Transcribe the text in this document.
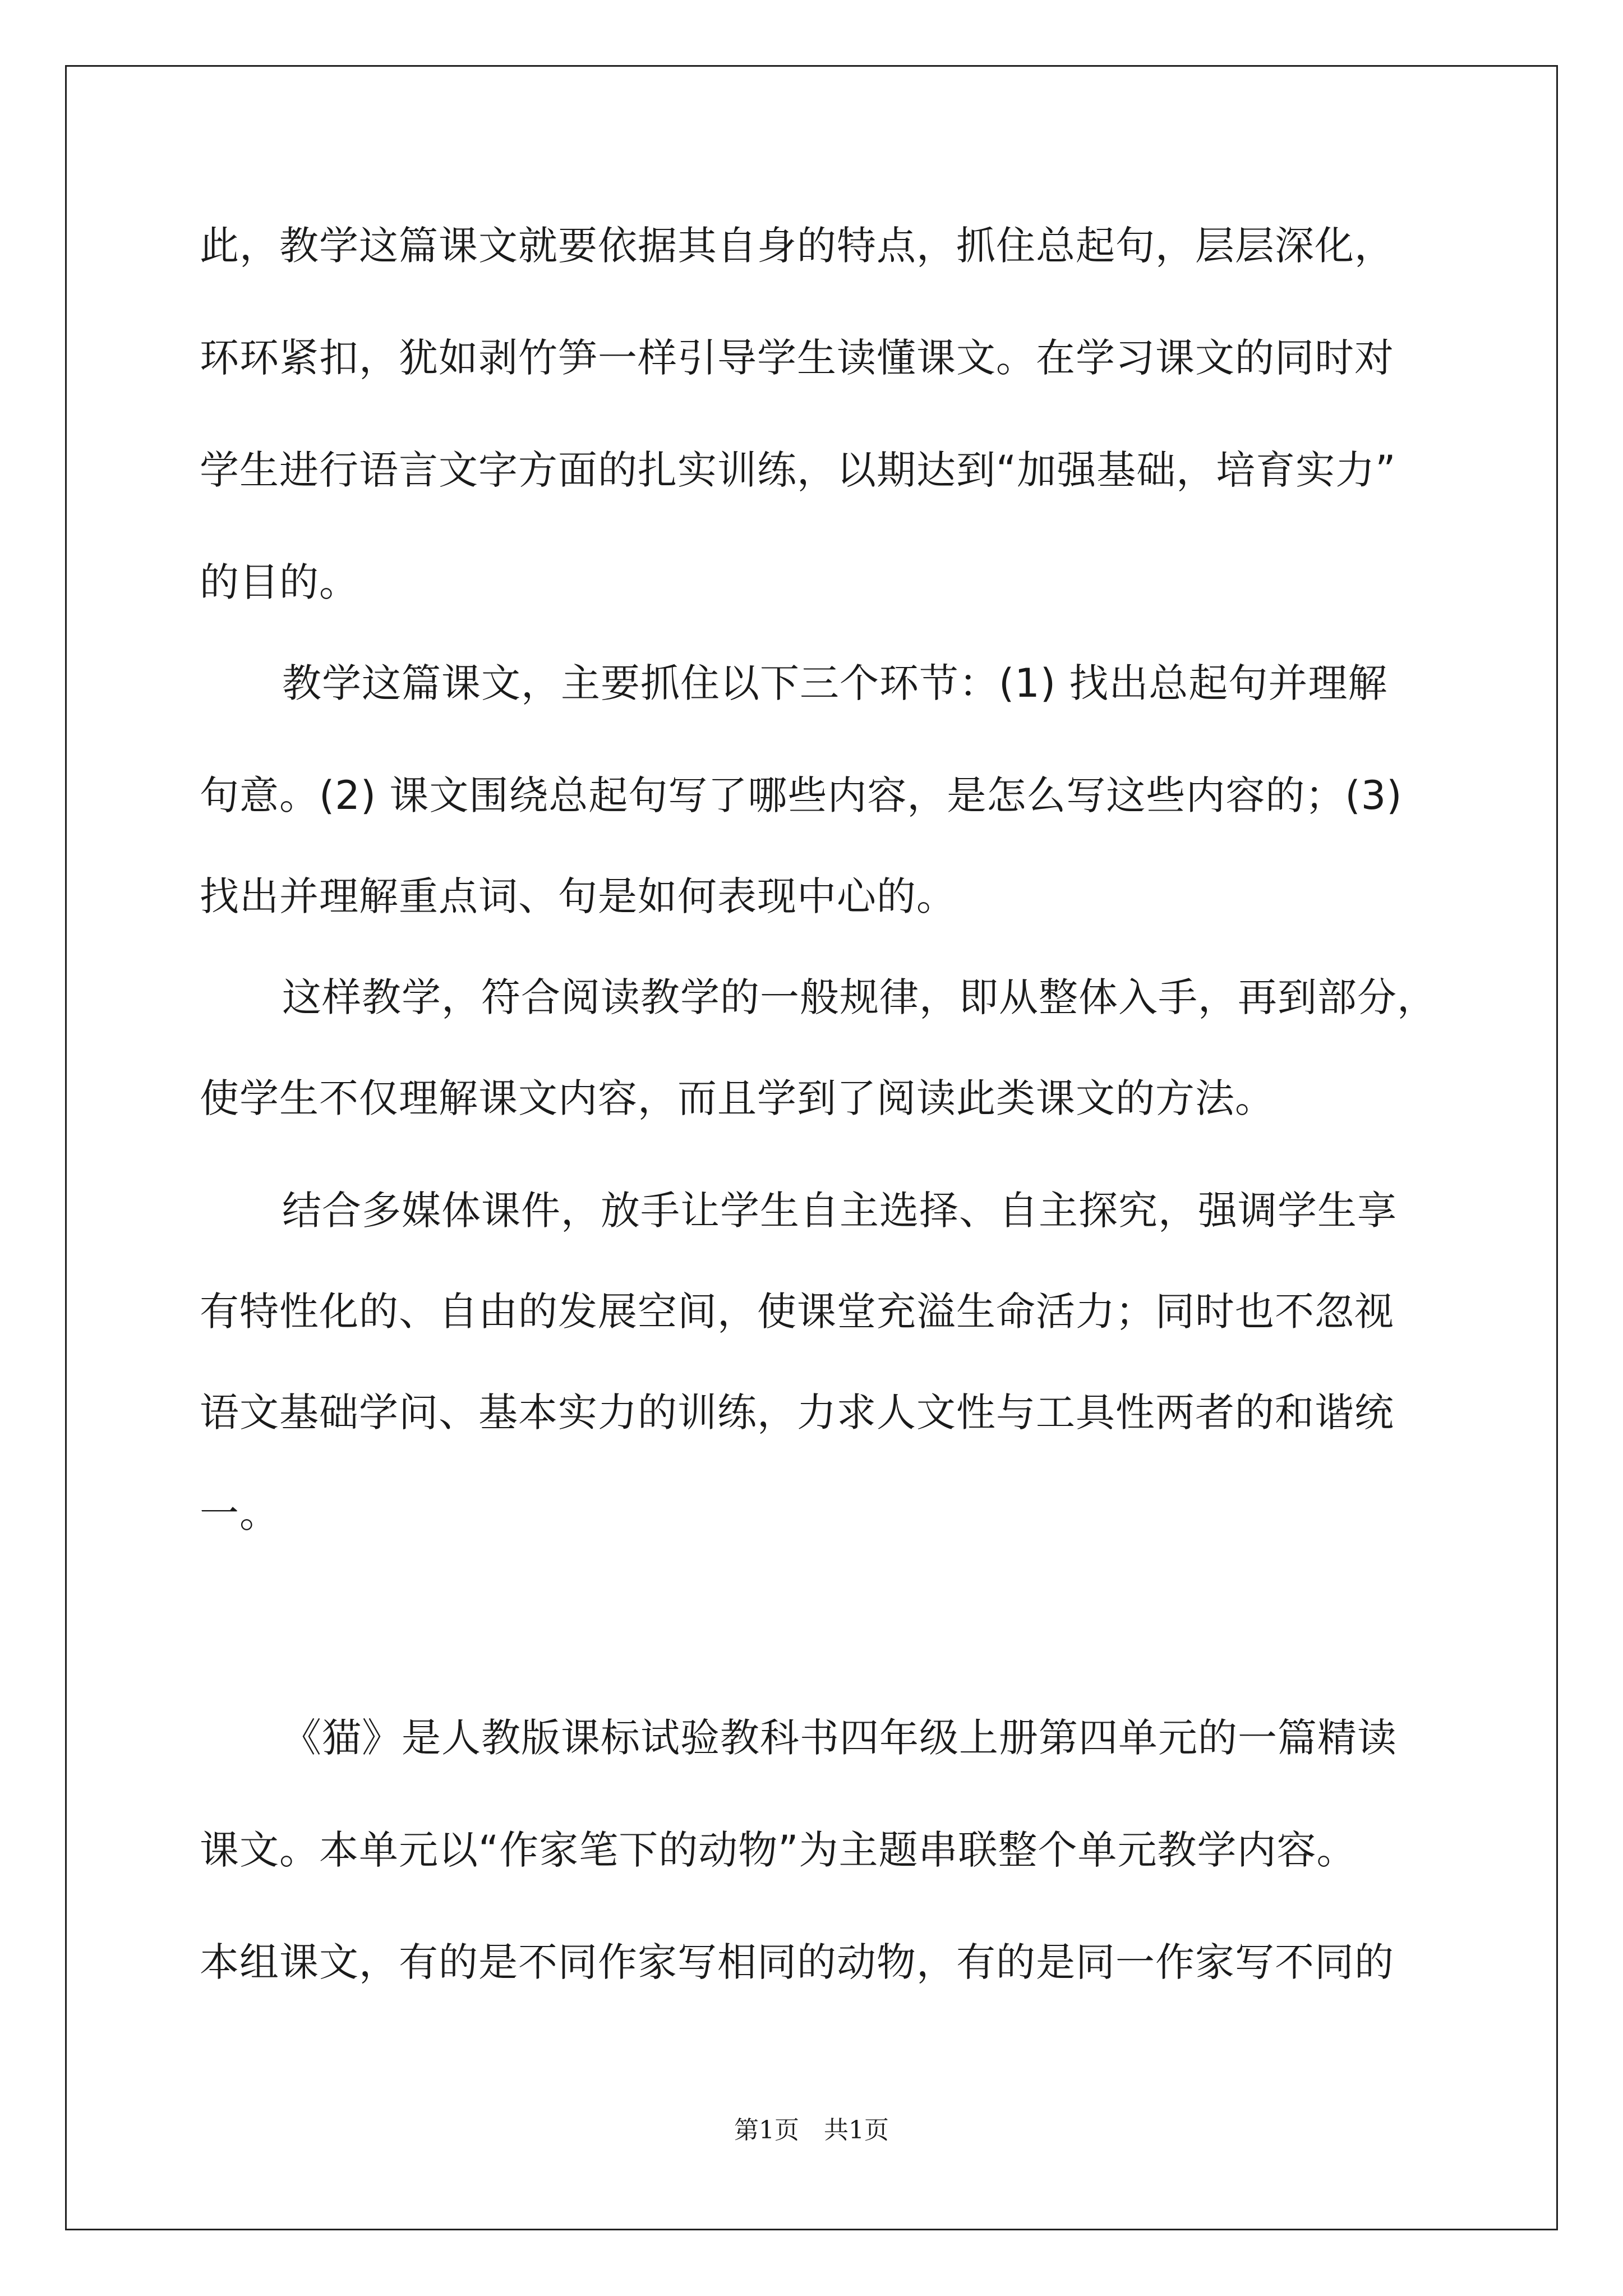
此，教学这篇课文就要依据其自身的特点，抓住总起句，层层深化，
环环紧扣，犹如剥竹笋一样引导学生读懂课文。在学习课文的同时对
学生进行语言文字方面的扎实训练，以期达到“加强基础，培育实力”
的目的。
教学这篇课文，主要抓住以下三个环节：(1) 找出总起句并理解
句意。(2) 课文围绕总起句写了哪些内容，是怎么写这些内容的；(3)
找出并理解重点词、句是如何表现中心的。
这样教学，符合阅读教学的一般规律，即从整体入手，再到部分，
使学生不仅理解课文内容，而且学到了阅读此类课文的方法。
结合多媒体课件，放手让学生自主选择、自主探究，强调学生享
有特性化的、自由的发展空间，使课堂充溢生命活力；同时也不忽视
语文基础学问、基本实力的训练，力求人文性与工具性两者的和谐统
一。
《猫》是人教版课标试验教科书四年级上册第四单元的一篇精读
课文。本单元以“作家笔下的动物”为主题串联整个单元教学内容。
本组课文，有的是不同作家写相同的动物，有的是同一作家写不同的
第1页　共1页
